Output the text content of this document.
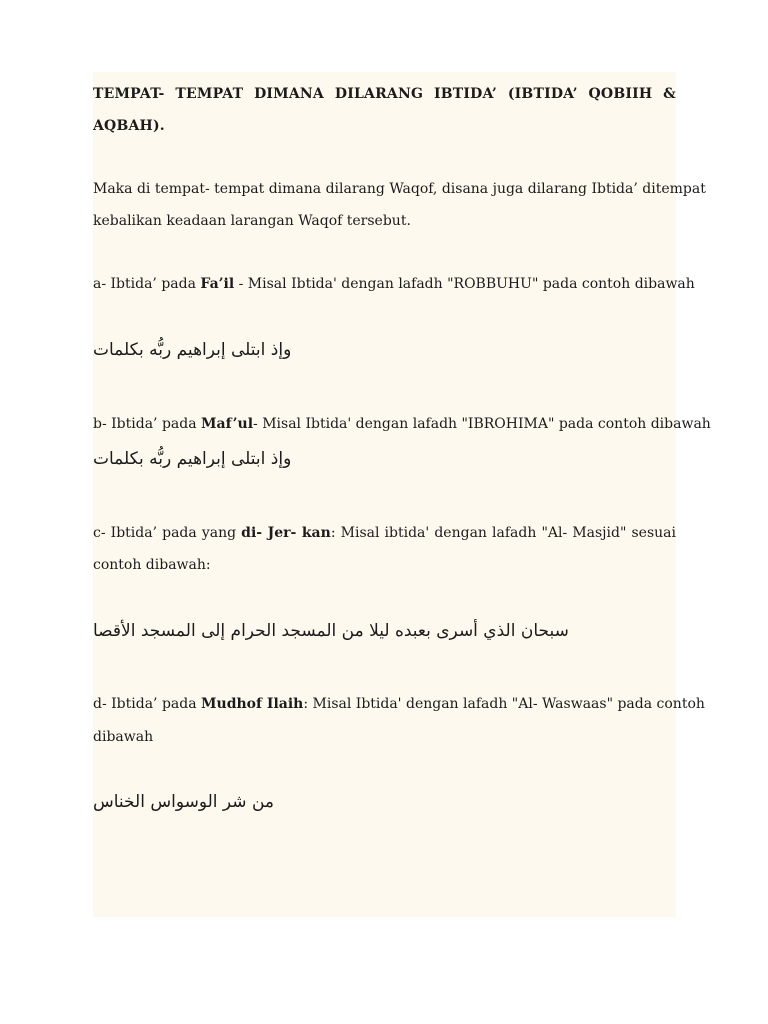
TEMPAT- TEMPAT DIMANA DILARANG IBTIDA’ (IBTIDA’ QOBIIH &
AQBAH).
Maka di tempat- tempat dimana dilarang Waqof, disana juga dilarang Ibtida’ ditempat
kebalikan keadaan larangan Waqof tersebut.
a- Ibtida’ pada Fa’il - Misal Ibtida' dengan lafadh "ROBBUHU" pada contoh dibawah
وإذ ابتلى إبراهيم ربُّه بكلمات
b- Ibtida’ pada Maf’ul- Misal Ibtida' dengan lafadh "IBROHIMA" pada contoh dibawah
وإذ ابتلى إبراهيم ربُّه بكلمات
c- Ibtida’ pada yang di- Jer- kan: Misal ibtida' dengan lafadh "Al- Masjid" sesuai
contoh dibawah:
سبحان الذي أسرى بعبده ليلا من المسجد الحرام إلى المسجد الأقصا
d- Ibtida’ pada Mudhof Ilaih: Misal Ibtida' dengan lafadh "Al- Waswaas" pada contoh
dibawah
من شر الوسواس الخناس
